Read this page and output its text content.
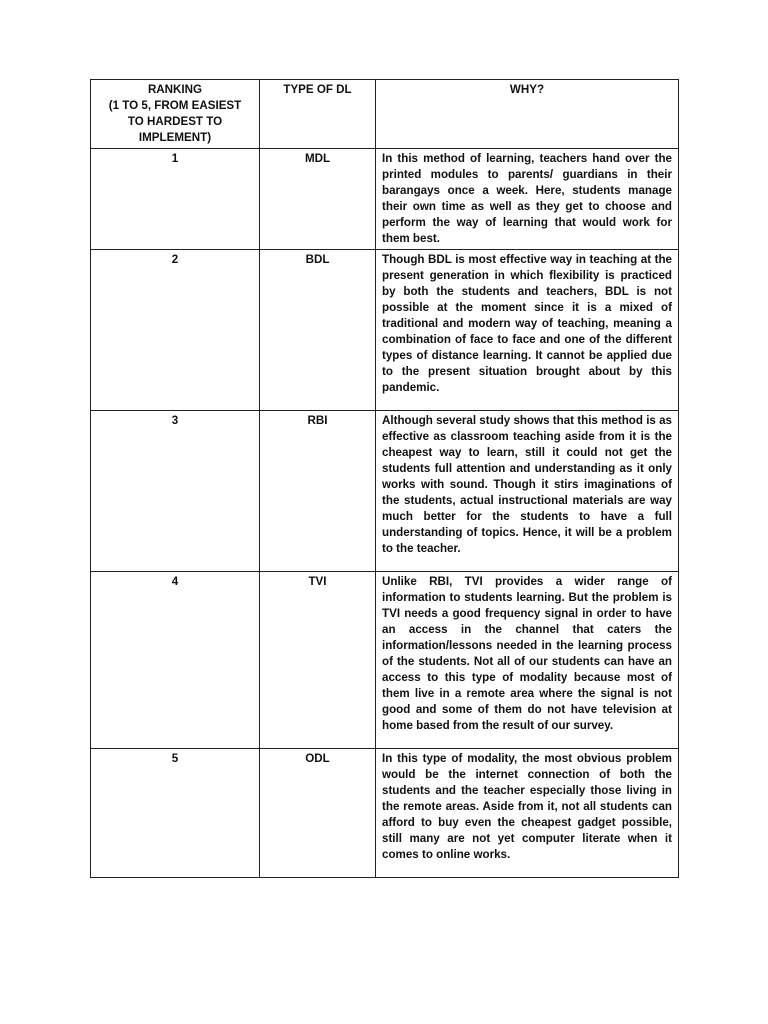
RANKING
(1 TO 5, FROM EASIEST
TO HARDEST TO
IMPLEMENT)	TYPE OF DL	WHY?
1	MDL	In this method of learning, teachers hand over the printed modules to parents/ guardians in their barangays once a week. Here, students manage their own time as well as they get to choose and perform the way of learning that would work for them best.
2	BDL	Though BDL is most effective way in teaching at the present generation in which flexibility is practiced by both the students and teachers, BDL is not possible at the moment since it is a mixed of traditional and modern way of teaching, meaning a combination of face to face and one of the different types of distance learning. It cannot be applied due to the present situation brought about by this pandemic.
3	RBI	Although several study shows that this method is as effective as classroom teaching aside from it is the cheapest way to learn, still it could not get the students full attention and understanding as it only works with sound. Though it stirs imaginations of the students, actual instructional materials are way much better for the students to have a full understanding of topics. Hence, it will be a problem to the teacher.
4	TVI	Unlike RBI, TVI provides a wider range of information to students learning. But the problem is TVI needs a good frequency signal in order to have an access in the channel that caters the information/lessons needed in the learning process of the students. Not all of our students can have an access to this type of modality because most of them live in a remote area where the signal is not good and some of them do not have television at home based from the result of our survey.
5	ODL	In this type of modality, the most obvious problem would be the internet connection of both the students and the teacher especially those living in the remote areas. Aside from it, not all students can afford to buy even the cheapest gadget possible, still many are not yet computer literate when it comes to online works.
